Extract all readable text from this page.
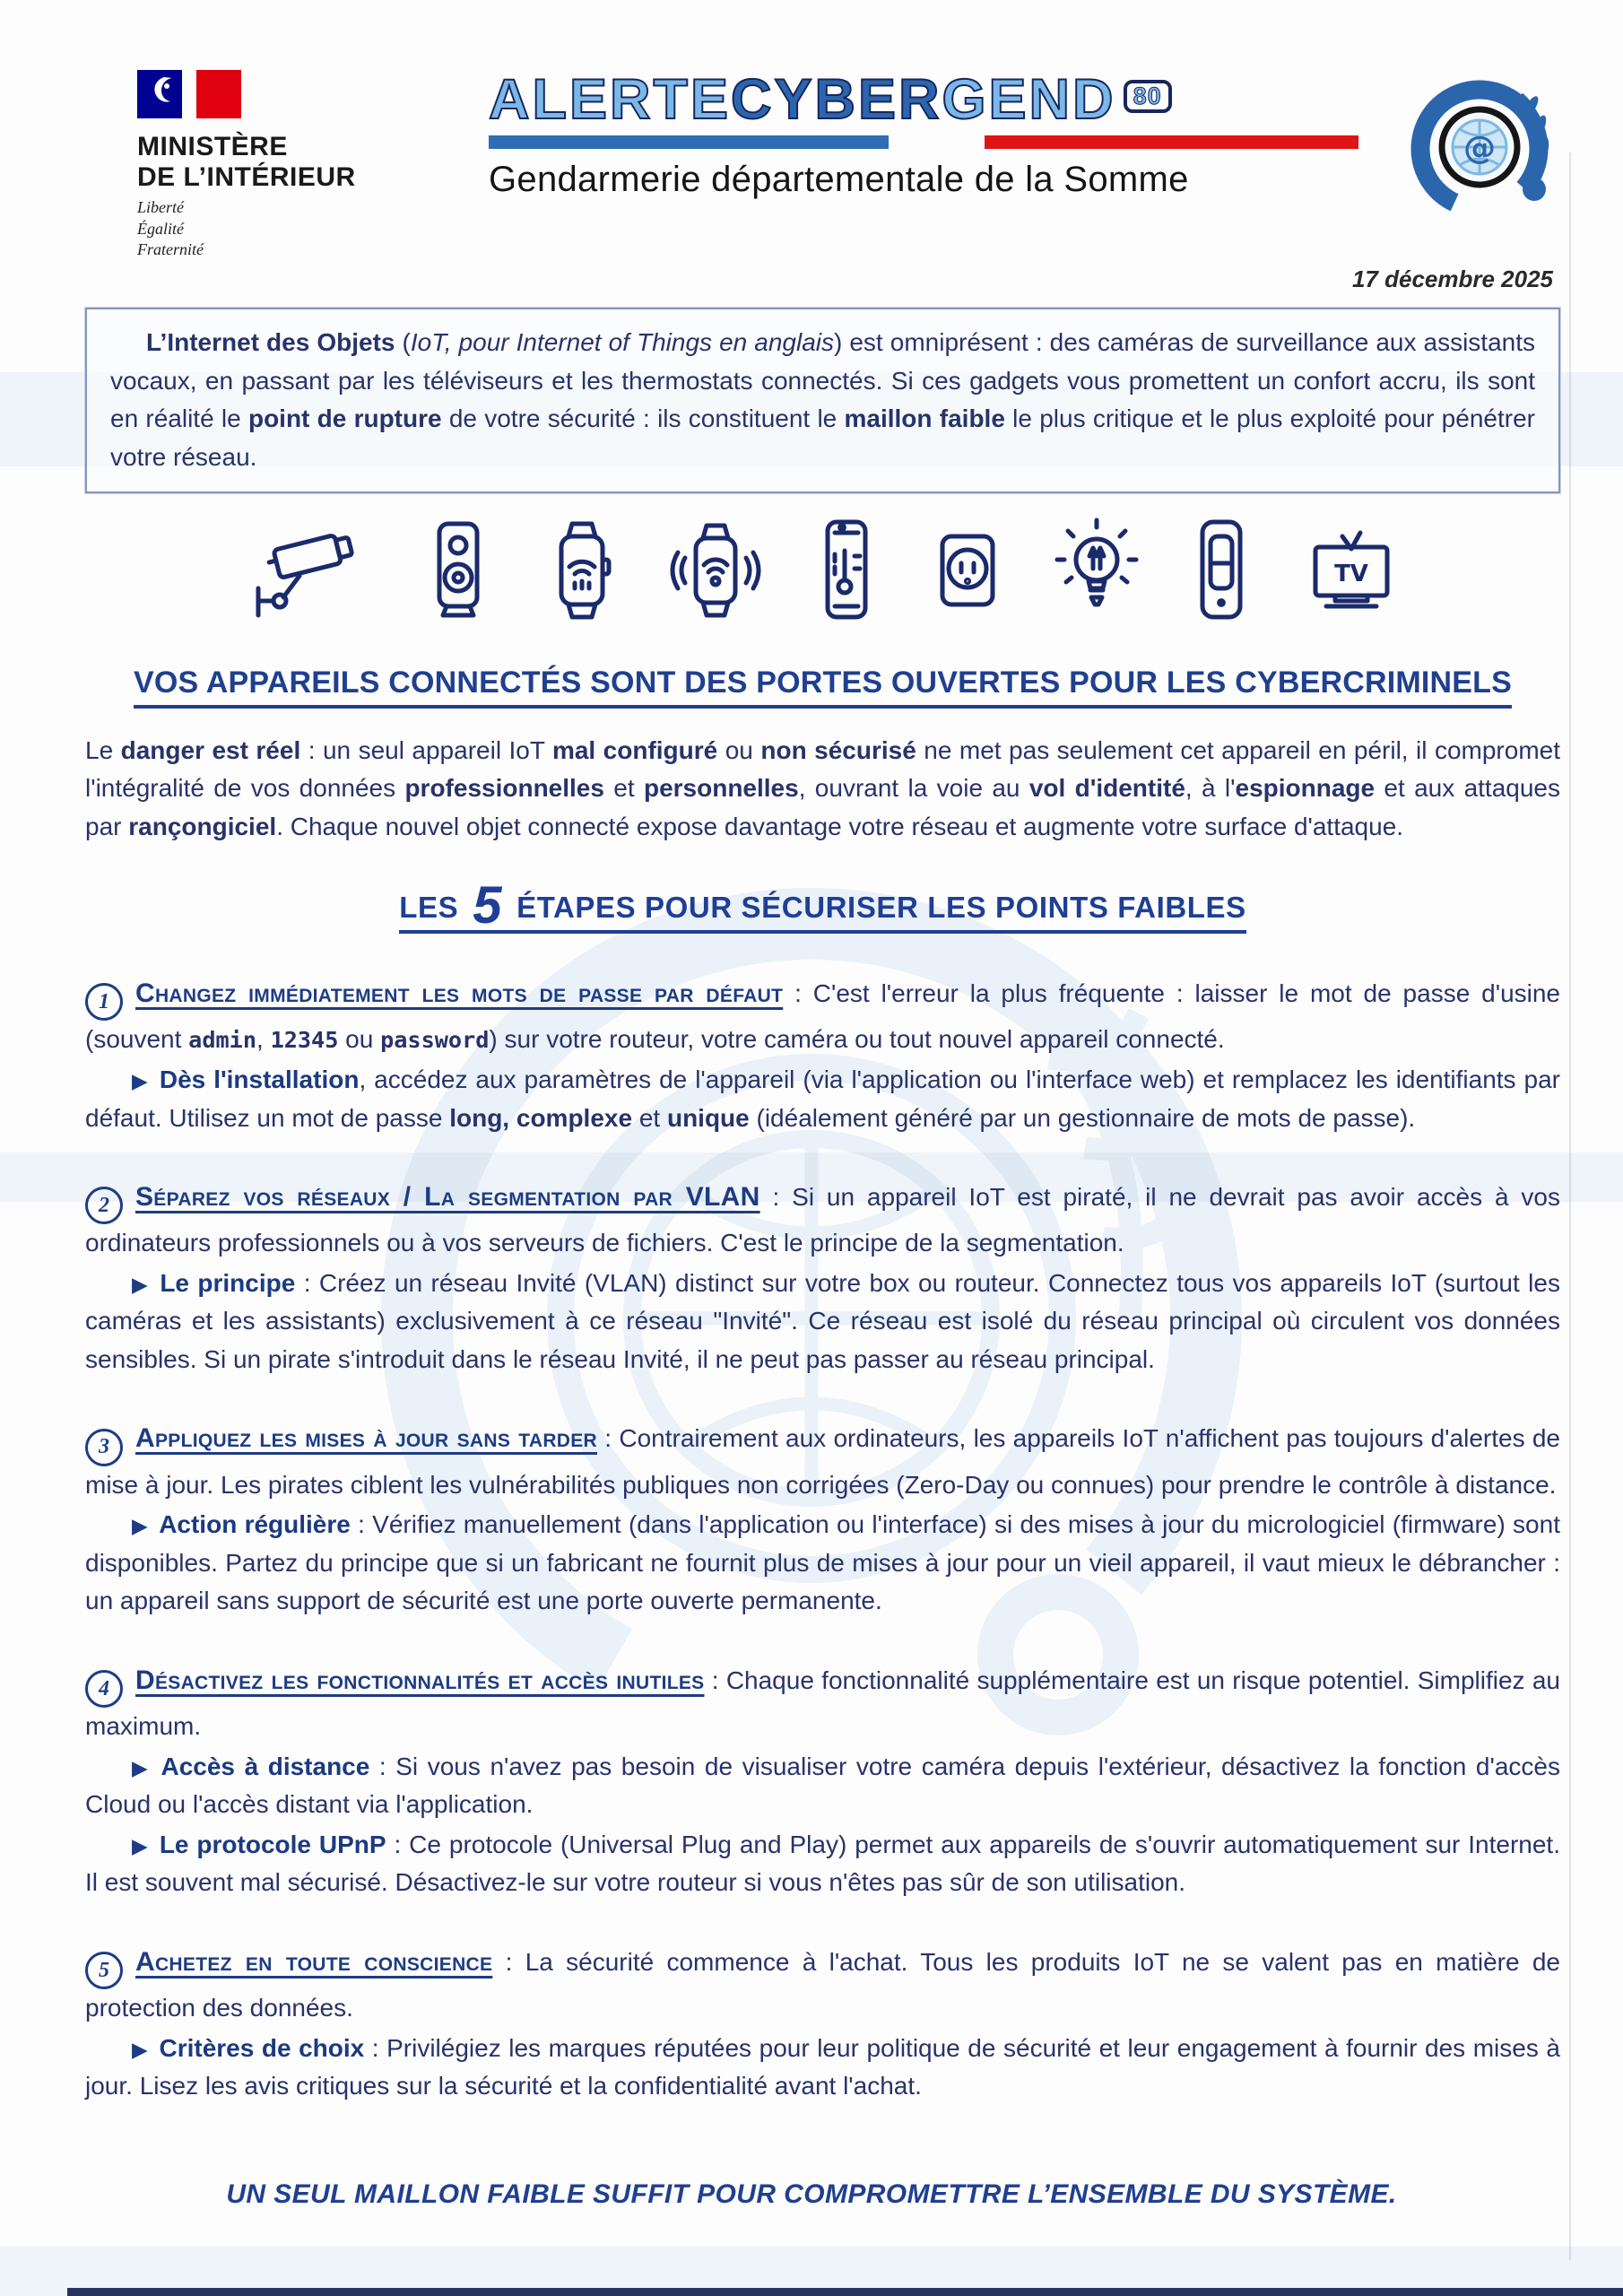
MINISTÈRE
DE L’INTÉRIEUR
Liberté
Égalité
Fraternité
ALERTECYBERGEND 80
Gendarmerie départementale de la Somme
@
17 décembre 2025

L’Internet des Objets (IoT, pour Internet of Things en anglais) est omniprésent : des caméras de surveillance aux assistants vocaux, en passant par les téléviseurs et les thermostats connectés. Si ces gadgets vous promettent un confort accru, ils sont en réalité le point de rupture de votre sécurité : ils constituent le maillon faible le plus critique et le plus exploité pour pénétrer votre réseau.

TV
VOS APPAREILS CONNECTÉS SONT DES PORTES OUVERTES POUR LES CYBERCRIMINELS

Le danger est réel : un seul appareil IoT mal configuré ou non sécurisé ne met pas seulement cet appareil en péril, il compromet l'intégralité de vos données professionnelles et personnelles, ouvrant la voie au vol d'identité, à l'espionnage et aux attaques par rançongiciel. Chaque nouvel objet connecté expose davantage votre réseau et augmente votre surface d'attaque.

LES 5 ÉTAPES POUR SÉCURISER LES POINTS FAIBLES

1 Changez immédiatement les mots de passe par défaut : C'est l'erreur la plus fréquente : laisser le mot de passe d'usine (souvent admin, 12345 ou password) sur votre routeur, votre caméra ou tout nouvel appareil connecté.

▶ Dès l'installation, accédez aux paramètres de l'appareil (via l'application ou l'interface web) et remplacez les identifiants par défaut. Utilisez un mot de passe long, complexe et unique (idéalement généré par un gestionnaire de mots de passe).

2 Séparez vos réseaux / La segmentation par VLAN : Si un appareil IoT est piraté, il ne devrait pas avoir accès à vos ordinateurs professionnels ou à vos serveurs de fichiers. C'est le principe de la segmentation.

▶ Le principe : Créez un réseau Invité (VLAN) distinct sur votre box ou routeur. Connectez tous vos appareils IoT (surtout les caméras et les assistants) exclusivement à ce réseau "Invité". Ce réseau est isolé du réseau principal où circulent vos données sensibles. Si un pirate s'introduit dans le réseau Invité, il ne peut pas passer au réseau principal.

3 Appliquez les mises à jour sans tarder : Contrairement aux ordinateurs, les appareils IoT n'affichent pas toujours d'alertes de mise à jour. Les pirates ciblent les vulnérabilités publiques non corrigées (Zero-Day ou connues) pour prendre le contrôle à distance.

▶ Action régulière : Vérifiez manuellement (dans l'application ou l'interface) si des mises à jour du micrologiciel (firmware) sont disponibles. Partez du principe que si un fabricant ne fournit plus de mises à jour pour un vieil appareil, il vaut mieux le débrancher : un appareil sans support de sécurité est une porte ouverte permanente.

4 Désactivez les fonctionnalités et accès inutiles : Chaque fonctionnalité supplémentaire est un risque potentiel. Simplifiez au maximum.

▶ Accès à distance : Si vous n'avez pas besoin de visualiser votre caméra depuis l'extérieur, désactivez la fonction d'accès Cloud ou l'accès distant via l'application.

▶ Le protocole UPnP : Ce protocole (Universal Plug and Play) permet aux appareils de s'ouvrir automatiquement sur Internet. Il est souvent mal sécurisé. Désactivez-le sur votre routeur si vous n'êtes pas sûr de son utilisation.

5 Achetez en toute conscience : La sécurité commence à l'achat. Tous les produits IoT ne se valent pas en matière de protection des données.

▶ Critères de choix : Privilégiez les marques réputées pour leur politique de sécurité et leur engagement à fournir des mises à jour. Lisez les avis critiques sur la sécurité et la confidentialité avant l'achat.

UN SEUL MAILLON FAIBLE SUFFIT POUR COMPROMETTRE L’ENSEMBLE DU SYSTÈME.
